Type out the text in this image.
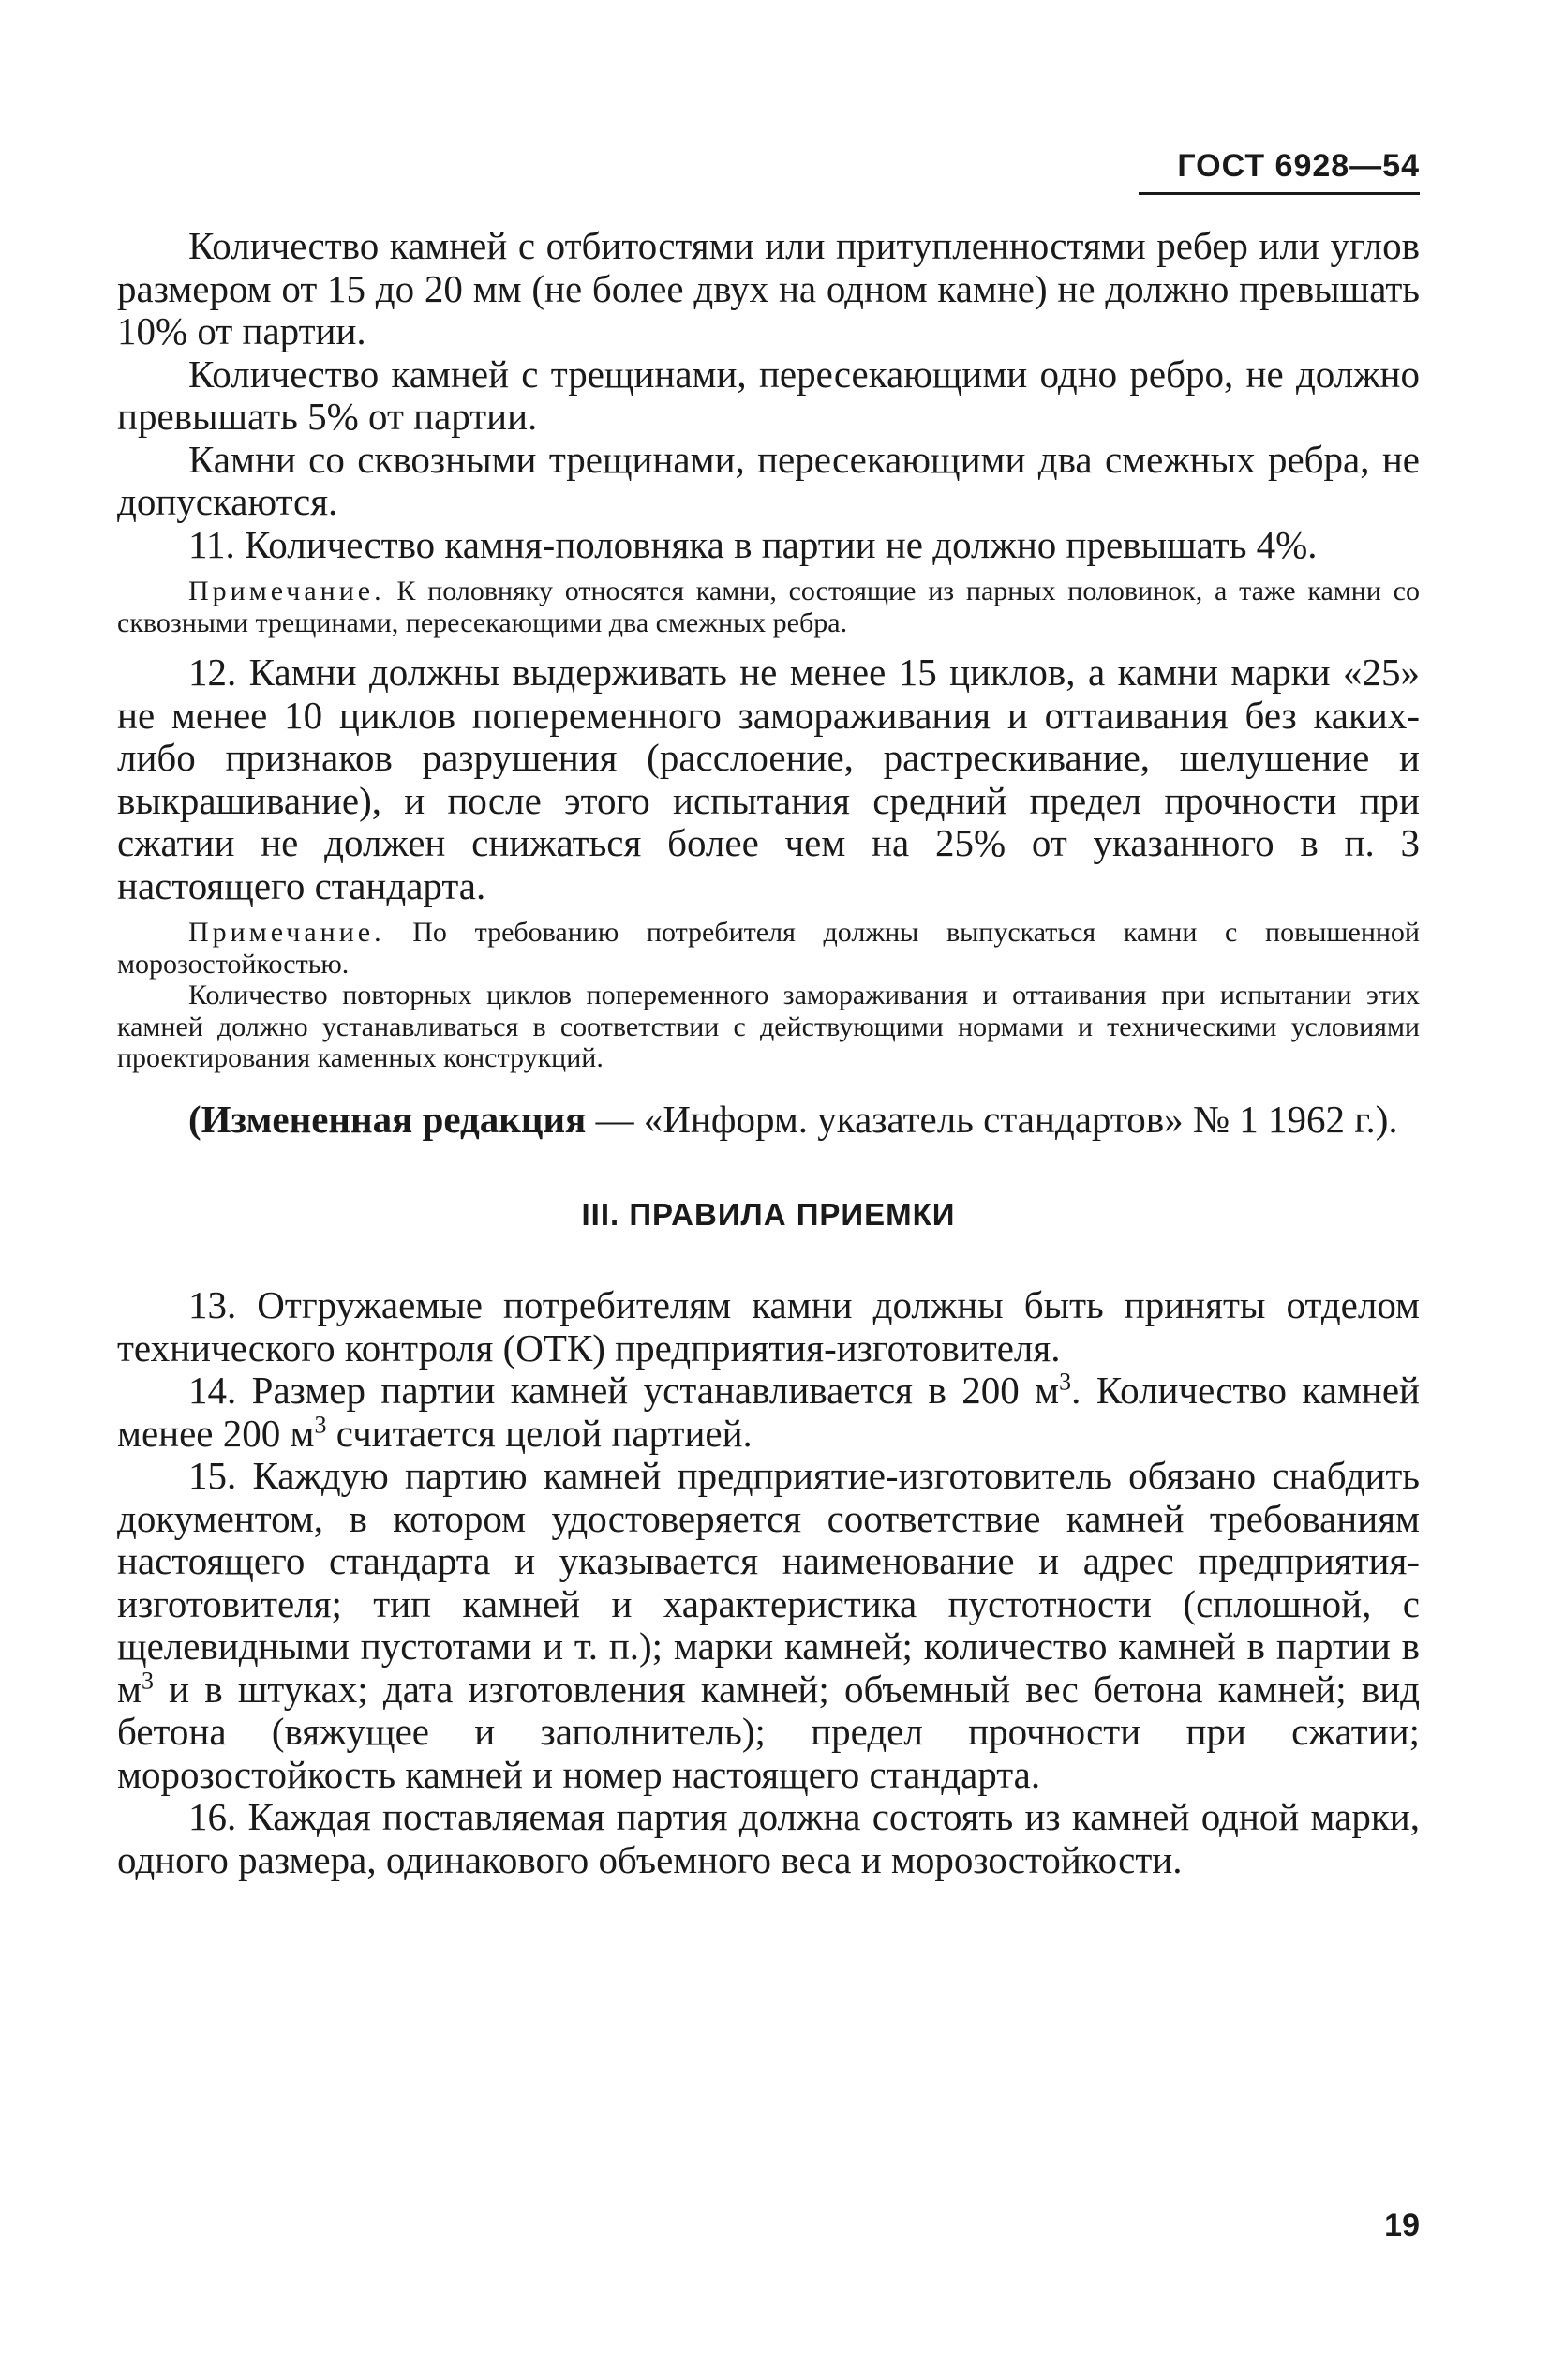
ГОСТ 6928—54

Количество камней с отбитостями или притупленностями ребер или углов размером от 15 до 20 мм (не более двух на одном камне) не должно превышать 10% от партии.

Количество камней с трещинами, пересекающими одно ребро, не должно превышать 5% от партии.

Камни со сквозными трещинами, пересекающими два смежных ребра, не допускаются.

11. Количество камня-половняка в партии не должно превышать 4%.

Примечание. К половняку относятся камни, состоящие из парных половинок, а таже камни со сквозными трещинами, пересекающими два смежных ребра.

12. Камни должны выдерживать не менее 15 циклов, а камни марки «25» не менее 10 циклов попеременного замораживания и оттаивания без каких-либо признаков разрушения (расслоение, растрескивание, шелушение и выкрашивание), и после этого испытания средний предел прочности при сжатии не должен снижаться более чем на 25% от указанного в п. 3 настоящего стандарта.

Примечание. По требованию потребителя должны выпускаться камни с повышенной морозостойкостью.

Количество повторных циклов попеременного замораживания и оттаивания при испытании этих камней должно устанавливаться в соответствии с действующими нормами и техническими условиями проектирования каменных конструкций.

(Измененная редакция — «Информ. указатель стандартов» № 1 1962 г.).

III. ПРАВИЛА ПРИЕМКИ

13. Отгружаемые потребителям камни должны быть приняты отделом технического контроля (ОТК) предприятия-изготовителя.

14. Размер партии камней устанавливается в 200 $м^3$. Количество камней менее 200 $м^3$ считается целой партией.

15. Каждую партию камней предприятие-изготовитель обязано снабдить документом, в котором удостоверяется соответствие камней требованиям настоящего стандарта и указывается наименование и адрес предприятия-изготовителя; тип камней и характеристика пустотности (сплошной, с щелевидными пустотами и т. п.); марки камней; количество камней в партии в $м^3$ и в штуках; дата изготовления камней; объемный вес бетона камней; вид бетона (вяжущее и заполнитель); предел прочности при сжатии; морозостойкость камней и номер настоящего стандарта.

16. Каждая поставляемая партия должна состоять из камней одной марки, одного размера, одинакового объемного веса и морозостойкости.

19
